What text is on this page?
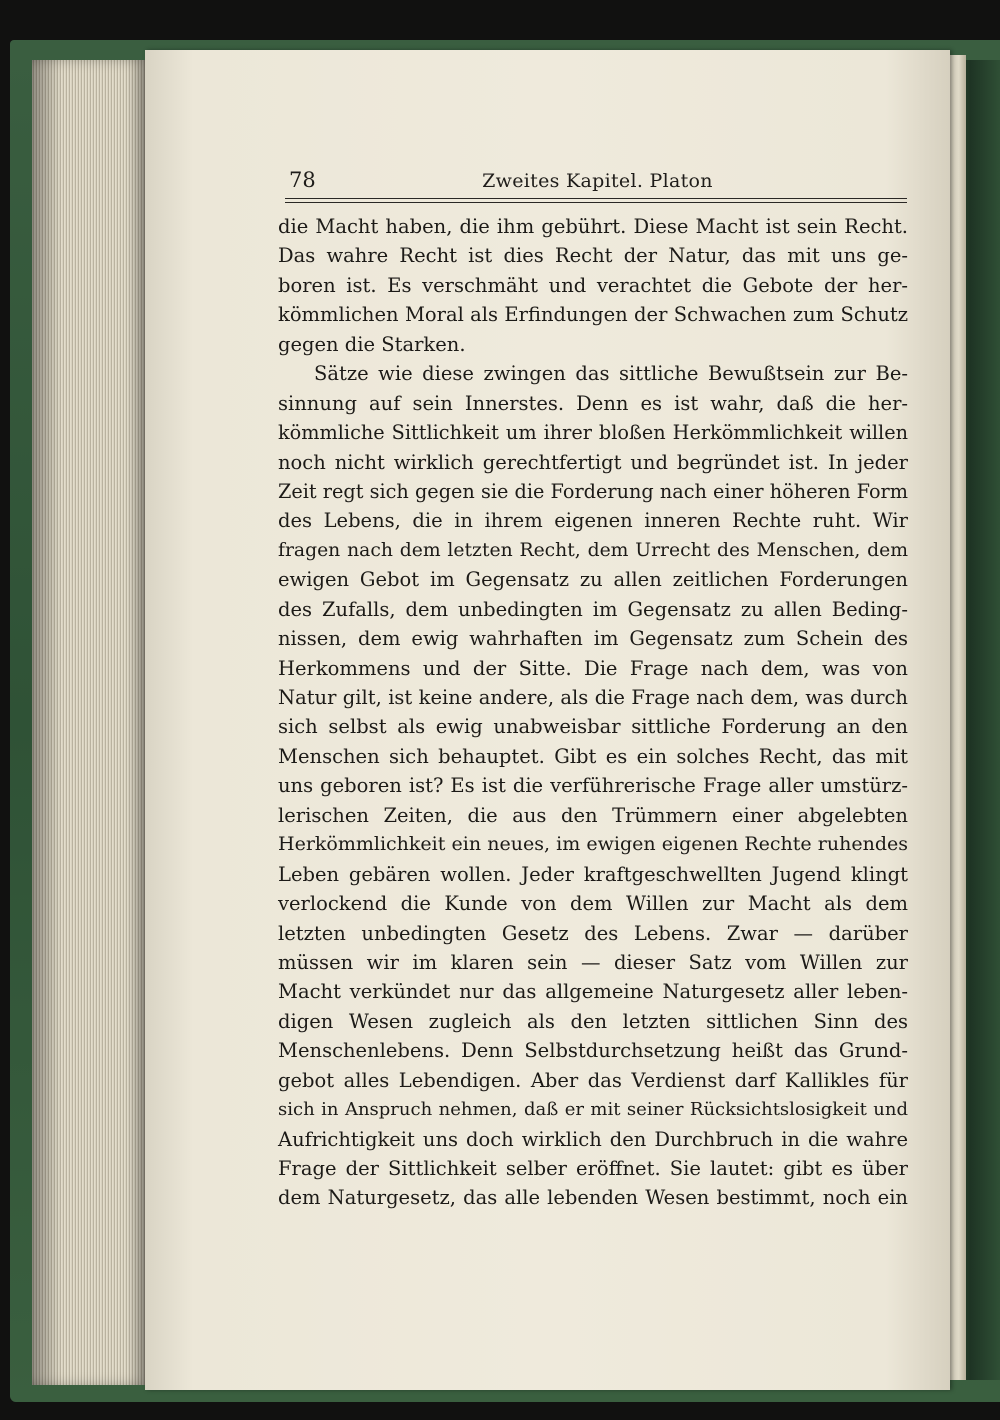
78	Zweites Kapitel. Platon
die Macht haben, die ihm gebührt. Diese Macht ist sein Recht.
Das wahre Recht ist dies Recht der Natur, das mit uns ge-
boren ist. Es verschmäht und verachtet die Gebote der her-
kömmlichen Moral als Erfindungen der Schwachen zum Schutz
gegen die Starken.
Sätze wie diese zwingen das sittliche Bewußtsein zur Be-
sinnung auf sein Innerstes. Denn es ist wahr, daß die her-
kömmliche Sittlichkeit um ihrer bloßen Herkömmlichkeit willen
noch nicht wirklich gerechtfertigt und begründet ist. In jeder
Zeit regt sich gegen sie die Forderung nach einer höheren Form
des Lebens, die in ihrem eigenen inneren Rechte ruht. Wir
fragen nach dem letzten Recht, dem Urrecht des Menschen, dem
ewigen Gebot im Gegensatz zu allen zeitlichen Forderungen
des Zufalls, dem unbedingten im Gegensatz zu allen Beding-
nissen, dem ewig wahrhaften im Gegensatz zum Schein des
Herkommens und der Sitte. Die Frage nach dem, was von
Natur gilt, ist keine andere, als die Frage nach dem, was durch
sich selbst als ewig unabweisbar sittliche Forderung an den
Menschen sich behauptet. Gibt es ein solches Recht, das mit
uns geboren ist? Es ist die verführerische Frage aller umstürz-
lerischen Zeiten, die aus den Trümmern einer abgelebten
Herkömmlichkeit ein neues, im ewigen eigenen Rechte ruhendes
Leben gebären wollen. Jeder kraftgeschwellten Jugend klingt
verlockend die Kunde von dem Willen zur Macht als dem
letzten unbedingten Gesetz des Lebens. Zwar — darüber
müssen wir im klaren sein — dieser Satz vom Willen zur
Macht verkündet nur das allgemeine Naturgesetz aller leben-
digen Wesen zugleich als den letzten sittlichen Sinn des
Menschenlebens. Denn Selbstdurchsetzung heißt das Grund-
gebot alles Lebendigen. Aber das Verdienst darf Kallikles für
sich in Anspruch nehmen, daß er mit seiner Rücksichtslosigkeit und
Aufrichtigkeit uns doch wirklich den Durchbruch in die wahre
Frage der Sittlichkeit selber eröffnet. Sie lautet: gibt es über
dem Naturgesetz, das alle lebenden Wesen bestimmt, noch ein
